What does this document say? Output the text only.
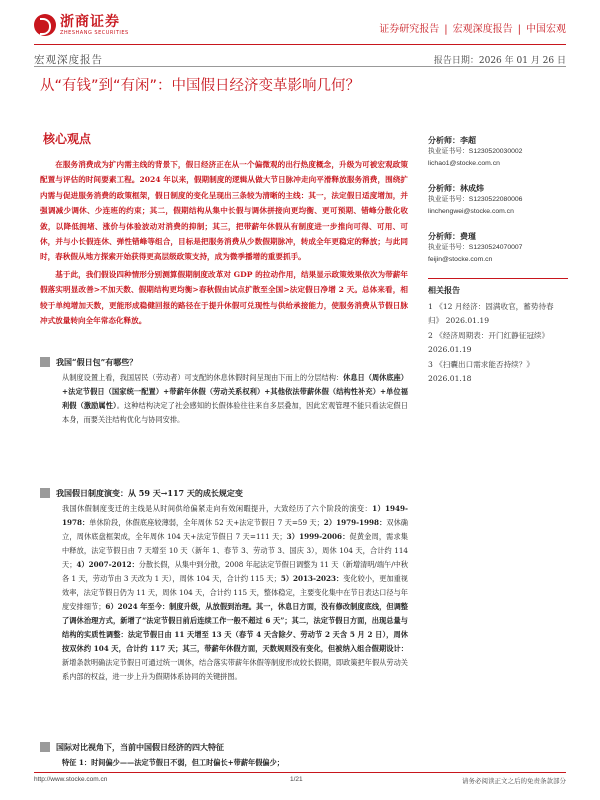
浙商证券
ZHESHANG SECURITIES	证券研究报告 | 宏观深度报告 | 中国宏观
宏观深度报告	报告日期：2026 年 01 月 26 日
从“有钱”到“有闲”：中国假日经济变革影响几何？
核心观点

在服务消费成为扩内需主线的背景下，假日经济正在从一个偏微观的出行热度概念，升级为可被宏观政策配置与评估的时间要素工程。2024 年以来，假期制度的逻辑从做大节日脉冲走向平滑释放服务消费，围绕扩内需与促进服务消费的政策框架，假日制度的变化呈现出三条较为清晰的主线：其一，法定假日适度增加，并强调减少调休、少连班的约束；其二，假期结构从集中长假与调休拼接向更均衡、更可预期、错峰分散化收敛，以降低拥堵、涨价与体验波动对消费的抑制；其三，把带薪年休假从有制度进一步推向可得、可用、可休，并与小长假连休、弹性错峰等组合，目标是把服务消费从少数假期脉冲，转成全年更稳定的释放；与此同时，春秋假从地方探索开始获得更高层级政策支持，成为微季播增的重要抓手。

基于此，我们假设四种情形分别测算假期制度改革对 GDP 的拉动作用，结果显示政策效果依次为带薪年假落实明显改善>不加天数、假期结构更均衡>春秋假由试点扩散至全国>法定假日净增 2 天。总体来看，相较于单纯增加天数，更能形成稳健回报的路径在于提升休假可兑现性与供给承接能力，使服务消费从节假日脉冲式放量转向全年常态化释放。

我国“假日包”有哪些？
从制度设置上看，我国居民（劳动者）可支配的休息休假时间呈现由下而上的分层结构：休息日（周休底座）+法定节假日（国家统一配置）+带薪年休假（劳动关系权利）+其他依法带薪休假（结构性补充）+单位福利假（激励属性）。这种结构决定了社会感知的长假体验往往来自多层叠加，因此宏观管理不能只看法定假日本身，而要关注结构优化与协同安排。
我国假日制度演变：从 59 天→117 天的成长规定变
我国休假制度变迁的主线是从时间供给偏紧走向有效闲暇提升，大致经历了六个阶段的演变：1）1949-1978：单休阶段，休假底座较薄弱，全年周休 52 天+法定节假日 7 天=59 天；2）1979-1998：双休确立，周休底盘框架成，全年周休 104 天+法定节假日 7 天=111 天；3）1999-2006：促黄金周，需求集中释放，法定节假日由 7 天增至 10 天（新年 1、春节 3、劳动节 3、国庆 3），周休 104 天，合计约 114 天；4）2007-2012：分散长假，从集中到分散，2008 年起法定节假日调整为 11 天（新增清明/端午/中秋各 1 天，劳动节由 3 天改为 1 天），周休 104 天，合计约 115 天；5）2013-2023：变化较小，更加重视效率，法定节假日仍为 11 天，周休 104 天，合计约 115 天，整体稳定，主要变化集中在节日表达口径与年度安排细节；6）2024 年至今：制度升级，从放假到治理。其一，休息日方面，没有修改制度底线，但调整了调休治理方式，新增了“法定节假日前后连续工作一般不超过 6 天”；其二，法定节假日方面，出现总量与结构的实质性调整：法定节假日由 11 天增至 13 天（春节 4 天含除夕、劳动节 2 天含 5 月 2 日），周休按双休约 104 天，合计约 117 天；其三，带薪年休假方面，天数规则没有变化，但被纳入组合假期设计：新增条款明确法定节假日可通过统一调休，结合落实带薪年休假等制度形成较长假期，即政策把年假从劳动关系内部的权益，进一步上升为假期体系协同的关键拼图。
国际对比视角下，当前中国假日经济的四大特征
特征 1：时间偏少——法定节假日不弱，但工时偏长+带薪年假偏少；
分析师：李超
执业证书号：S1230520030002
lichao1@stocke.com.cn
分析师：林成炜
执业证书号：S1230522080006
linchengwei@stocke.com.cn
分析师：费瑾
执业证书号：S1230524070007
feijin@stocke.com.cn
相关报告
1 《12 月经济：固满收官，蓄势待春归》 2026.01.19
2 《经济周期表：开门红静征冠续》 2026.01.19
3 《扫囊出口需求能否持续？》 2026.01.18
http://www.stocke.com.cn	1/21	请务必阅读正文之后的免责条款部分
